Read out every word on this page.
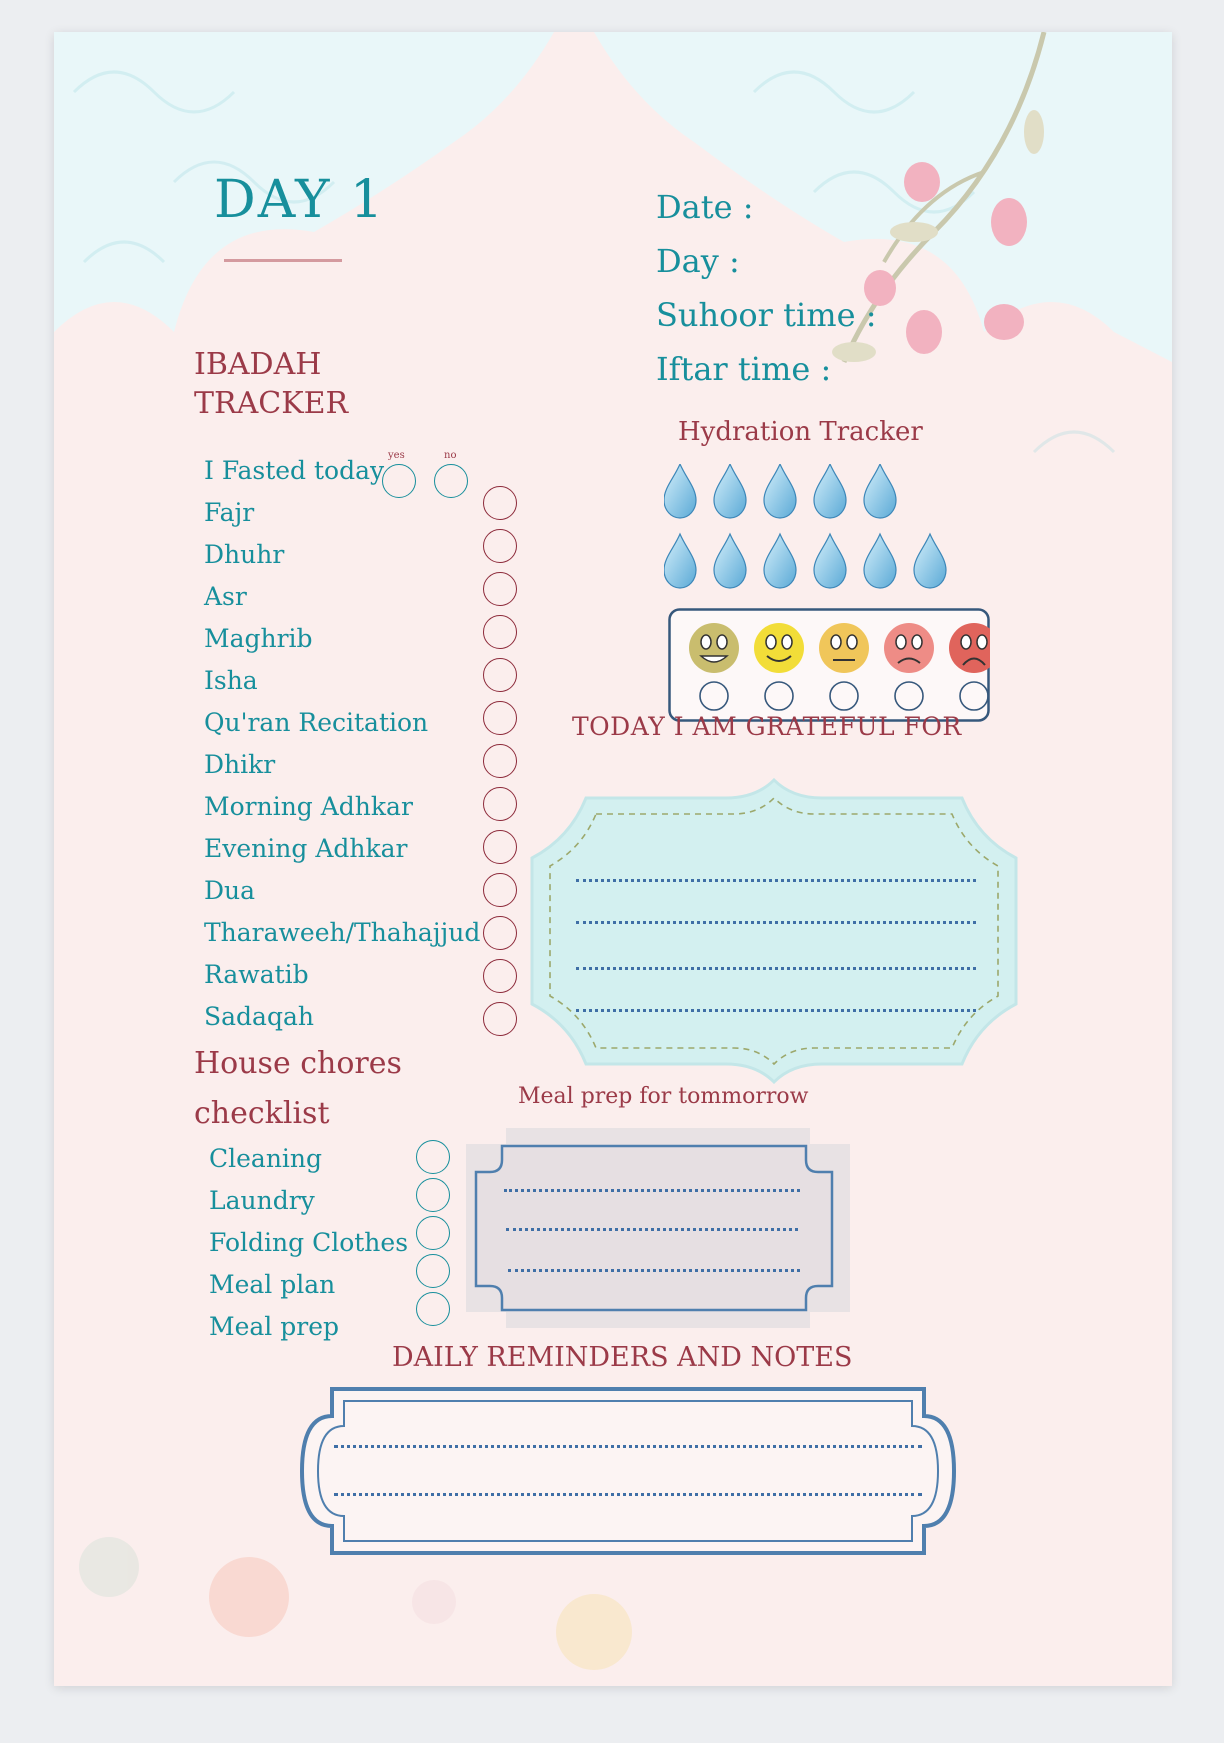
DAY 1	Date :
Day :
Suhoor time :
Iftar time :
IBADAH
TRACKER
I Fasted today
yes	no
Fajr
Dhuhr
Asr
Maghrib
Isha
Qu'ran Recitation
Dhikr
Morning Adhkar
Evening Adhkar
Dua
Tharaweeh/Thahajjud
Rawatib
Sadaqah
House chores
checklist
Cleaning
Laundry
Folding Clothes
Meal plan
Meal prep
Hydration Tracker
TODAY I AM GRATEFUL FOR
Meal prep for tommorrow
DAILY REMINDERS AND NOTES
